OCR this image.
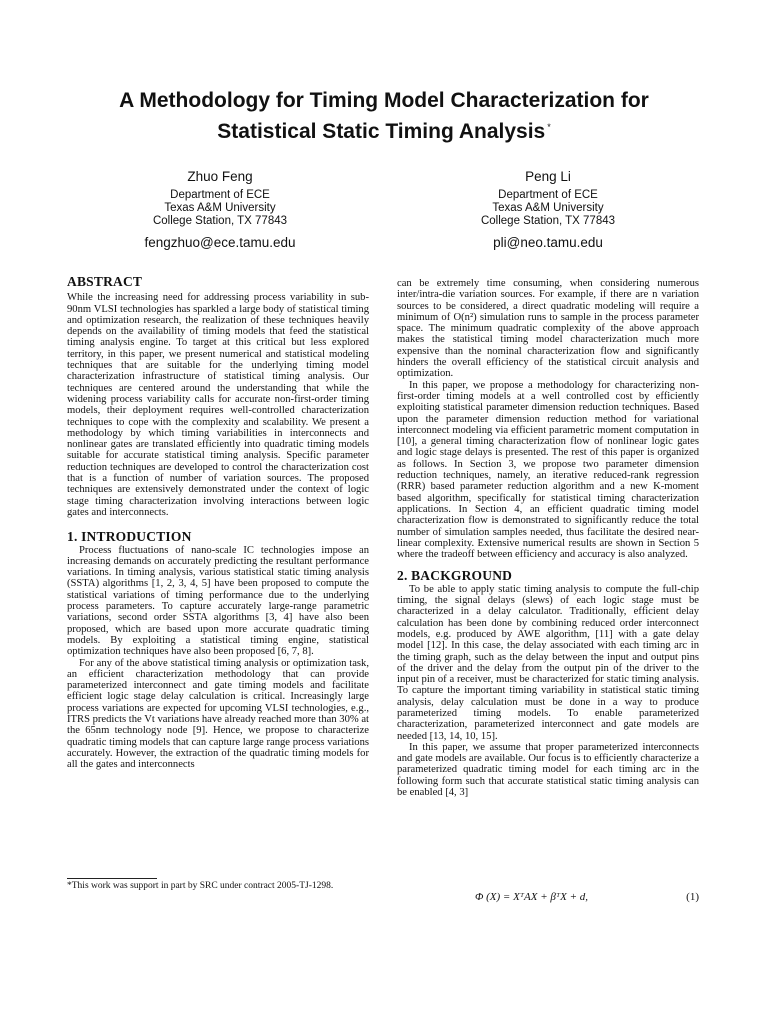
A Methodology for Timing Model Characterization for
Statistical Static Timing Analysis *
Zhuo Feng
Department of ECE
Texas A&M University
College Station, TX 77843
fengzhuo@ece.tamu.edu
Peng Li
Department of ECE
Texas A&M University
College Station, TX 77843
pli@neo.tamu.edu
ABSTRACT

While the increasing need for addressing process variability in sub-90nm VLSI technologies has sparkled a large body of statistical timing and optimization research, the realization of these techniques heavily depends on the availability of timing models that feed the statistical timing analysis engine. To target at this critical but less explored territory, in this paper, we present numerical and statistical modeling techniques that are suitable for the underlying timing model characterization infrastructure of statistical timing analysis. Our techniques are centered around the understanding that while the widening process variability calls for accurate non-first-order timing models, their deployment requires well-controlled characterization techniques to cope with the complexity and scalability. We present a methodology by which timing variabilities in interconnects and nonlinear gates are translated efficiently into quadratic timing models suitable for accurate statistical timing analysis. Specific parameter reduction techniques are developed to control the characterization cost that is a function of number of variation sources. The proposed techniques are extensively demonstrated under the context of logic stage timing characterization involving interactions between logic gates and interconnects.

1. INTRODUCTION

Process fluctuations of nano-scale IC technologies impose an increasing demands on accurately predicting the resultant performance variations. In timing analysis, various statistical static timing analysis (SSTA) algorithms [1, 2, 3, 4, 5] have been proposed to compute the statistical variations of timing performance due to the underlying process parameters. To capture accurately large-range parametric variations, second order SSTA algorithms [3, 4] have also been proposed, which are based upon more accurate quadratic timing models. By exploiting a statistical timing engine, statistical optimization techniques have also been proposed [6, 7, 8].

For any of the above statistical timing analysis or optimization task, an efficient characterization methodology that can provide parameterized interconnect and gate timing models and facilitate efficient logic stage delay calculation is critical. Increasingly large process variations are expected for upcoming VLSI technologies, e.g., ITRS predicts the Vt variations have already reached more than 30% at the 65nm technology node [9]. Hence, we propose to characterize quadratic timing models that can capture large range process variations accurately. However, the extraction of the quadratic timing models for all the gates and interconnects

*This work was support in part by SRC under contract 2005-TJ-1298.

can be extremely time consuming, when considering numerous inter/intra-die variation sources. For example, if there are n variation sources to be considered, a direct quadratic modeling will require a minimum of O(n²) simulation runs to sample in the process parameter space. The minimum quadratic complexity of the above approach makes the statistical timing model characterization much more expensive than the nominal characterization flow and significantly hinders the overall efficiency of the statistical circuit analysis and optimization.

In this paper, we propose a methodology for characterizing non-first-order timing models at a well controlled cost by efficiently exploiting statistical parameter dimension reduction techniques. Based upon the parameter dimension reduction method for variational interconnect modeling via efficient parametric moment computation in [10], a general timing characterization flow of nonlinear logic gates and logic stage delays is presented. The rest of this paper is organized as follows. In Section 3, we propose two parameter dimension reduction techniques, namely, an iterative reduced-rank regression (RRR) based parameter reduction algorithm and a new K-moment based algorithm, specifically for statistical timing characterization applications. In Section 4, an efficient quadratic timing model characterization flow is demonstrated to significantly reduce the total number of simulation samples needed, thus facilitate the desired near-linear complexity. Extensive numerical results are shown in Section 5 where the tradeoff between efficiency and accuracy is also analyzed.

2. BACKGROUND

To be able to apply static timing analysis to compute the full-chip timing, the signal delays (slews) of each logic stage must be characterized in a delay calculator. Traditionally, efficient delay calculation has been done by combining reduced order interconnect models, e.g. produced by AWE algorithm, [11] with a gate delay model [12]. In this case, the delay associated with each timing arc in the timing graph, such as the delay between the input and output pins of the driver and the delay from the output pin of the driver to the input pin of a receiver, must be characterized for static timing analysis. To capture the important timing variability in statistical static timing analysis, delay calculation must be done in a way to produce parameterized timing models. To enable parameterized characterization, parameterized interconnect and gate models are needed [13, 14, 10, 15].

In this paper, we assume that proper parameterized interconnects and gate models are available. Our focus is to efficiently characterize a parameterized quadratic timing model for each timing arc in the following form such that accurate statistical static timing analysis can be enabled [4, 3]

Φ (X) = XᵀAX + βᵀX + d,	(1)
